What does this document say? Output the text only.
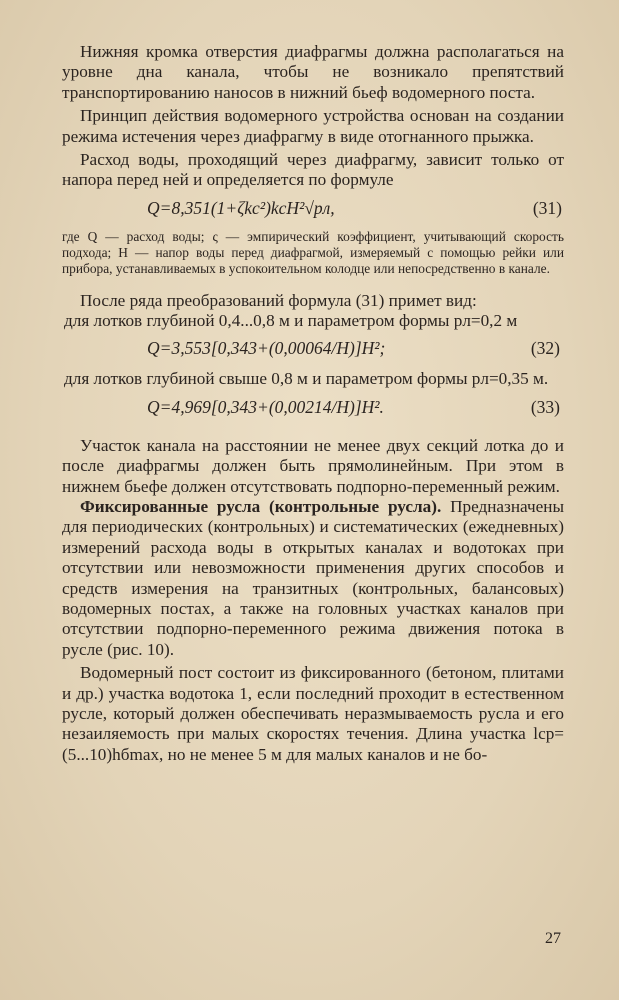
Нижняя кромка отверстия диафрагмы должна располагаться на уровне дна канала, чтобы не возникало препятствий транспортированию наносов в нижний бьеф водомерного поста.

Принцип действия водомерного устройства основан на создании режима истечения через диафрагму в виде отогнанного прыжка.

Расход воды, проходящий через диафрагму, зависит только от напора перед ней и определяется по формуле

Q=8,351(1+ζkc²)kcH²√pл,	(31)

где Q — расход воды; ς — эмпирический коэффициент, учитывающий скорость подхода; H — напор воды перед диафрагмой, измеряемый с помощью рейки или прибора, устанавливаемых в успокоительном колодце или непосредственно в канале.

После ряда преобразований формула (31) примет вид:

для лотков глубиной 0,4...0,8 м и параметром формы pл=0,2 м

Q=3,553[0,343+(0,00064/H)]H²;	(32)

для лотков глубиной свыше 0,8 м и параметром формы pл=0,35 м.

Q=4,969[0,343+(0,00214/H)]H².	(33)

Участок канала на расстоянии не менее двух секций лотка до и после диафрагмы должен быть прямолинейным. При этом в нижнем бьефе должен отсутствовать подпорно-переменный режим.

Фиксированные русла (контрольные русла). Предназначены для периодических (контрольных) и систематических (ежедневных) измерений расхода воды в открытых каналах и водотоках при отсутствии или невозможности применения других способов и средств измерения на транзитных (контрольных, балансовых) водомерных постах, а также на головных участках каналов при отсутствии подпорно-переменного режима движения потока в русле (рис. 10).

Водомерный пост состоит из фиксированного (бетоном, плитами и др.) участка водотока 1, если последний проходит в естественном русле, который должен обеспечивать неразмываемость русла и его незаиляемость при малых скоростях течения. Длина участка lср=(5...10)hбmax, но не менее 5 м для малых каналов и не бо-

27
